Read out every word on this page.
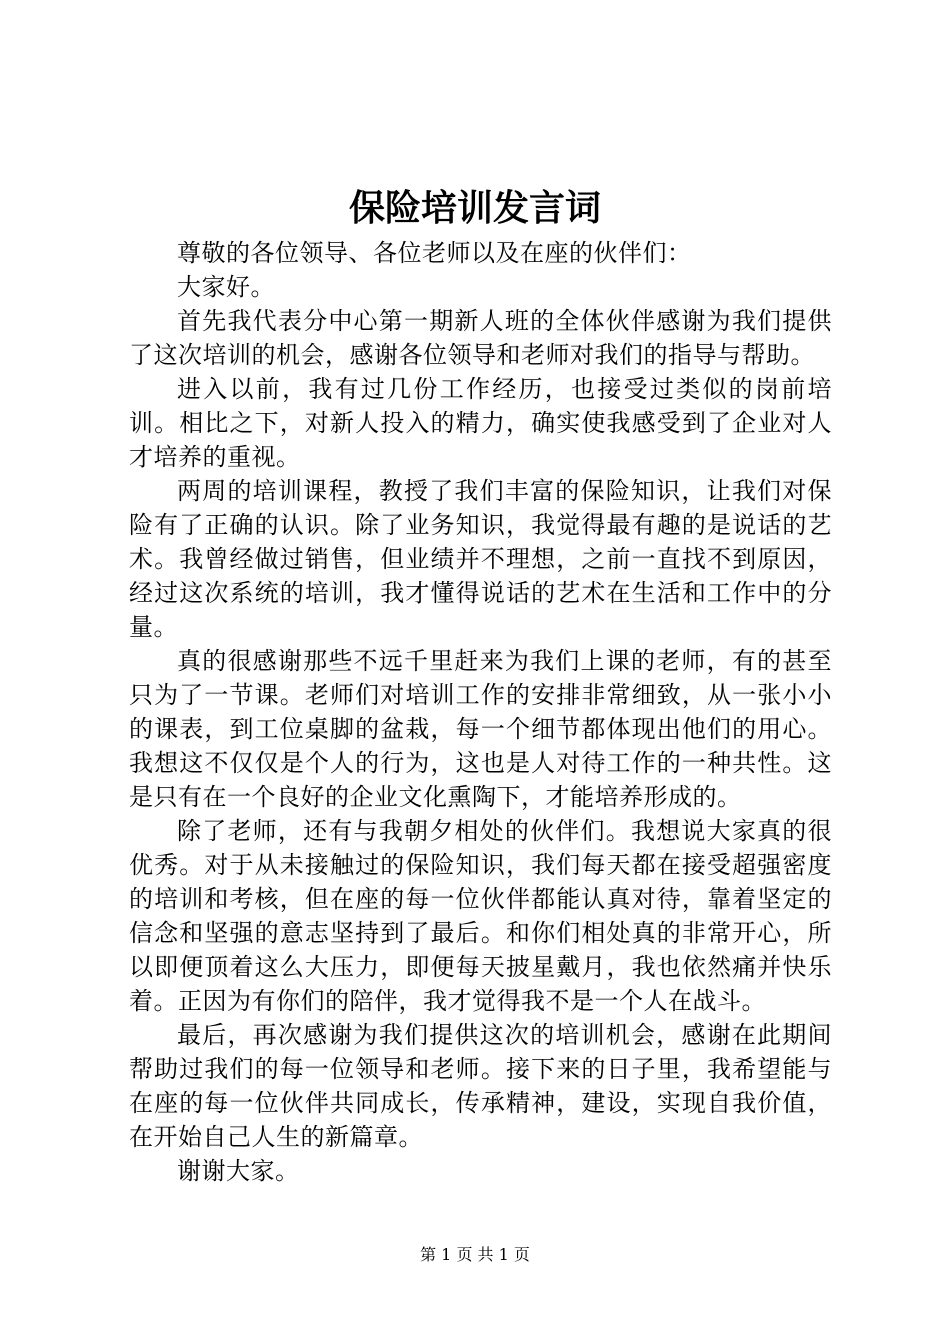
保险培训发言词

尊敬的各位领导、各位老师以及在座的伙伴们：

大家好。

首先我代表分中心第一期新人班的全体伙伴感谢为我们提供了这次培训的机会，感谢各位领导和老师对我们的指导与帮助。

进入以前，我有过几份工作经历，也接受过类似的岗前培训。相比之下，对新人投入的精力，确实使我感受到了企业对人才培养的重视。

两周的培训课程，教授了我们丰富的保险知识，让我们对保险有了正确的认识。除了业务知识，我觉得最有趣的是说话的艺术。我曾经做过销售，但业绩并不理想，之前一直找不到原因，经过这次系统的培训，我才懂得说话的艺术在生活和工作中的分量。

真的很感谢那些不远千里赶来为我们上课的老师，有的甚至只为了一节课。老师们对培训工作的安排非常细致，从一张小小的课表，到工位桌脚的盆栽，每一个细节都体现出他们的用心。我想这不仅仅是个人的行为，这也是人对待工作的一种共性。这是只有在一个良好的企业文化熏陶下，才能培养形成的。

除了老师，还有与我朝夕相处的伙伴们。我想说大家真的很优秀。对于从未接触过的保险知识，我们每天都在接受超强密度的培训和考核，但在座的每一位伙伴都能认真对待，靠着坚定的信念和坚强的意志坚持到了最后。和你们相处真的非常开心，所以即便顶着这么大压力，即便每天披星戴月，我也依然痛并快乐着。正因为有你们的陪伴，我才觉得我不是一个人在战斗。

最后，再次感谢为我们提供这次的培训机会，感谢在此期间帮助过我们的每一位领导和老师。接下来的日子里，我希望能与在座的每一位伙伴共同成长，传承精神，建设，实现自我价值，在开始自己人生的新篇章。

谢谢大家。

第 1 页 共 1 页
